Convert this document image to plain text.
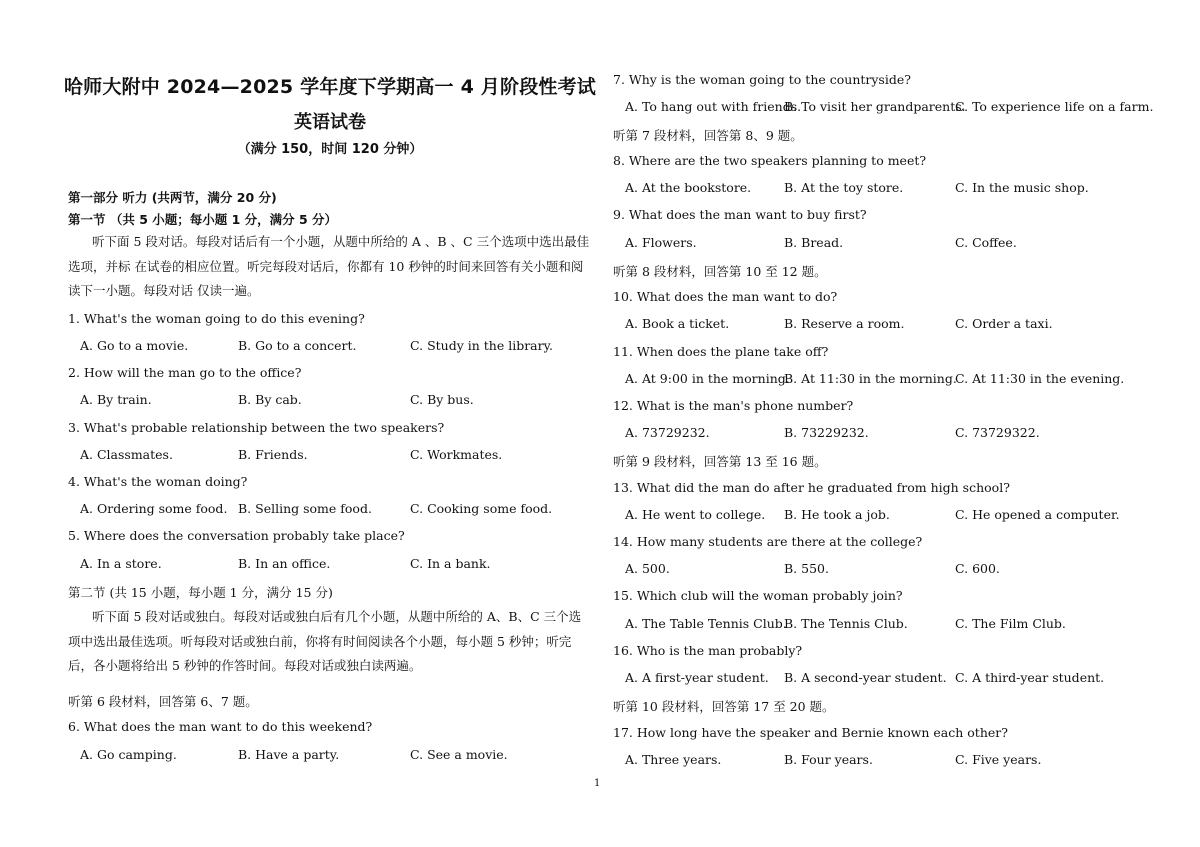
哈师大附中 2024—2025 学年度下学期高一 4 月阶段性考试
英语试卷
（满分 150，时间 120 分钟）
第一部分 听力 (共两节，满分 20 分)
第一节 （共 5 小题；每小题 1 分，满分 5 分）
听下面 5 段对话。每段对话后有一个小题，从题中所给的 A 、B 、C 三个选项中选出最佳选项，并标 在试卷的相应位置。听完每段对话后，你都有 10 秒钟的时间来回答有关小题和阅读下一小题。每段对话 仅读一遍。
1. What's the woman going to do this evening?
A. Go to a movie.	B. Go to a concert.	C. Study in the library.
2. How will the man go to the office?
A. By train.	B. By cab.	C. By bus.
3. What's probable relationship between the two speakers?
A. Classmates.	B. Friends.	C. Workmates.
4. What's the woman doing?
A. Ordering some food. B. Selling some food.	C. Cooking some food.
5. Where does the conversation probably take place?
A. In a store.	B. In an office.	C. In a bank.
第二节 (共 15 小题，每小题 1 分，满分 15 分)
听下面 5 段对话或独白。每段对话或独白后有几个小题，从题中所给的 A、B、C 三个选项中选出最佳选项。听每段对话或独白前，你将有时间阅读各个小题，每小题 5 秒钟；听完后，各小题将给出 5 秒钟的作答时间。每段对话或独白读两遍。
听第 6 段材料，回答第 6、7 题。
6. What does the man want to do this weekend?
A. Go camping.	B. Have a party.	C. See a movie.
7. Why is the woman going to the countryside?
A. To hang out with friends.
B. To visit her grandparents.
C. To experience life on a farm.
听第 7 段材料，回答第 8、9 题。
8. Where are the two speakers planning to meet?
A. At the bookstore.	B. At the toy store.	C. In the music shop.
9. What does the man want to buy first?
A. Flowers.	B. Bread.	C. Coffee.
听第 8 段材料，回答第 10 至 12 题。
10. What does the man want to do?
A. Book a ticket.	B. Reserve a room.	C. Order a taxi.
11. When does the plane take off?
A. At 9:00 in the morning.
B. At 11:30 in the morning.
C. At 11:30 in the evening.
12. What is the man's phone number?
A. 73729232.	B. 73229232.	C. 73729322.
听第 9 段材料，回答第 13 至 16 题。
13. What did the man do after he graduated from high school?
A. He went to college. B. He took a job.	C. He opened a computer.
14. How many students are there at the college?
A. 500.	B. 550.	C. 600.
15. Which club will the woman probably join?
A. The Table Tennis Club.
B. The Tennis Club.	C. The Film Club.
16. Who is the man probably?
A. A first-year student. B. A second-year student. C. A third-year student.
听第 10 段材料，回答第 17 至 20 题。
17. How long have the speaker and Bernie known each other?
A. Three years.	B. Four years.	C. Five years.
1
